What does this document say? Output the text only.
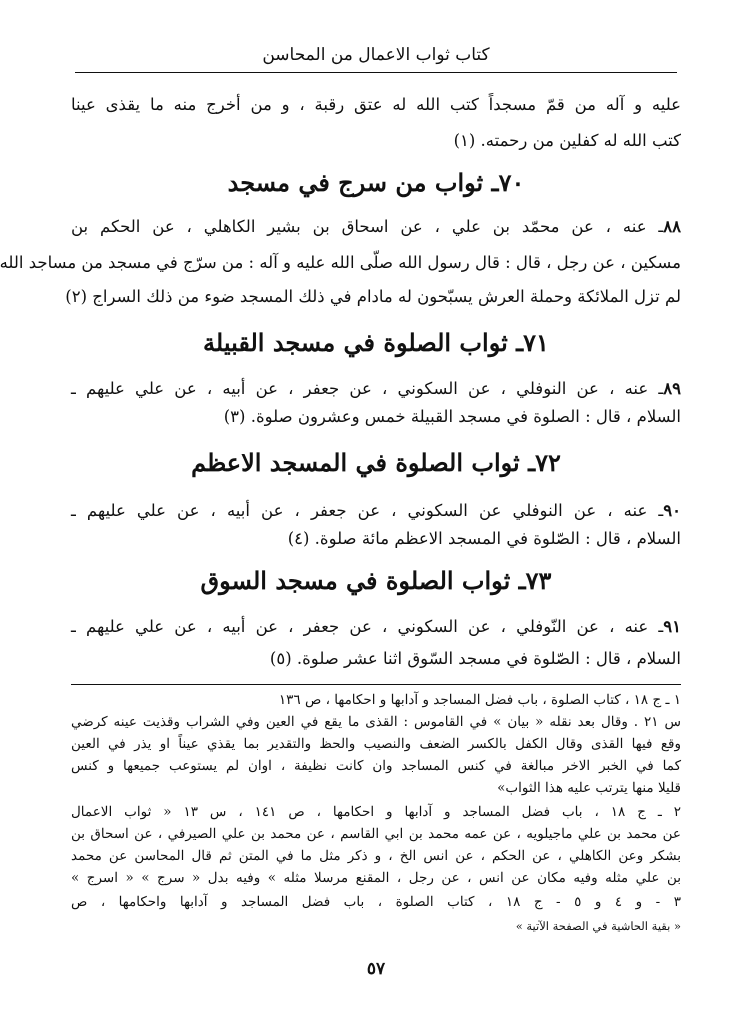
كتاب ثواب الاعمال من المحاسن
عليه و آله من قمّ مسجداً كتب الله له عتق رقبة ، و من أخرج منه ما يقذى عينا
كتب الله له كفلين من رحمته. (١)
٧٠ـ ثواب من سرج في مسجد
٨٨ـ عنه ، عن محمّد بن علي ، عن اسحاق بن بشير الكاهلي ، عن الحكم بن
مسكين ، عن رجل ، قال : قال رسول الله صلّى الله عليه و آله : من سرّج في مسجد من مساجد الله
لم تزل الملائكة وحملة العرش يسبّحون له مادام في ذلك المسجد ضوء من ذلك السراج (٢)
٧١ـ ثواب الصلوة في مسجد القبيلة
٨٩ـ عنه ، عن النوفلي ، عن السكوني ، عن جعفر ، عن أبيه ، عن علي عليهم ـ
السلام ، قال : الصلوة في مسجد القبيلة خمس وعشرون صلوة. (٣)
٧٢ـ ثواب الصلوة في المسجد الاعظم
٩٠ـ عنه ، عن النوفلي عن السكوني ، عن جعفر ، عن أبيه ، عن علي عليهم ـ
السلام ، قال : الصّلوة في المسجد الاعظم مائة صلوة. (٤)
٧٣ـ ثواب الصلوة في مسجد السوق
٩١ـ عنه ، عن النّوفلي ، عن السكوني ، عن جعفر ، عن أبيه ، عن علي عليهم ـ
السلام ، قال : الصّلوة في مسجد السّوق اثنا عشر صلوة. (٥)
١ ـ ج ١٨ ، كتاب الصلوة ، باب فضل المساجد و آدابها و احكامها ، ص ١٣٦
س ٢١ . وقال بعد نقله « بيان » في القاموس : القذى ما يقع في العين وفي الشراب وقذيت عينه كرضي
وقع فيها القذى وقال الكفل بالكسر الضعف والنصيب والحظ والتقدير بما يقذي عيناً او يذر في العين
كما في الخبر الاخر مبالغة في كنس المساجد وان كانت نظيفة ، اوان لم يستوعب جميعها و كنس
قليلا منها يترتب عليه هذا الثواب»
٢ ـ ج ١٨ ، باب فضل المساجد و آدابها و احكامها ، ص ١٤١ ، س ١٣ « ثواب الاعمال
عن محمد بن علي ماجيلويه ، عن عمه محمد بن ابي القاسم ، عن محمد بن علي الصيرفي ، عن اسحاق بن
بشكر وعن الكاهلي ، عن الحكم ، عن انس الخ ، و ذكر مثل ما في المتن ثم قال المحاسن عن محمد
بن علي مثله وفيه مكان عن انس ، عن رجل ، المقنع مرسلا مثله » وفيه بدل « سرج » « اسرج »
٣ - و ٤ و ٥ - ج ١٨ ، كتاب الصلوة ، باب فضل المساجد و آدابها واحكامها ، ص
« بقية الحاشية في الصفحة الآتية »
٥٧
